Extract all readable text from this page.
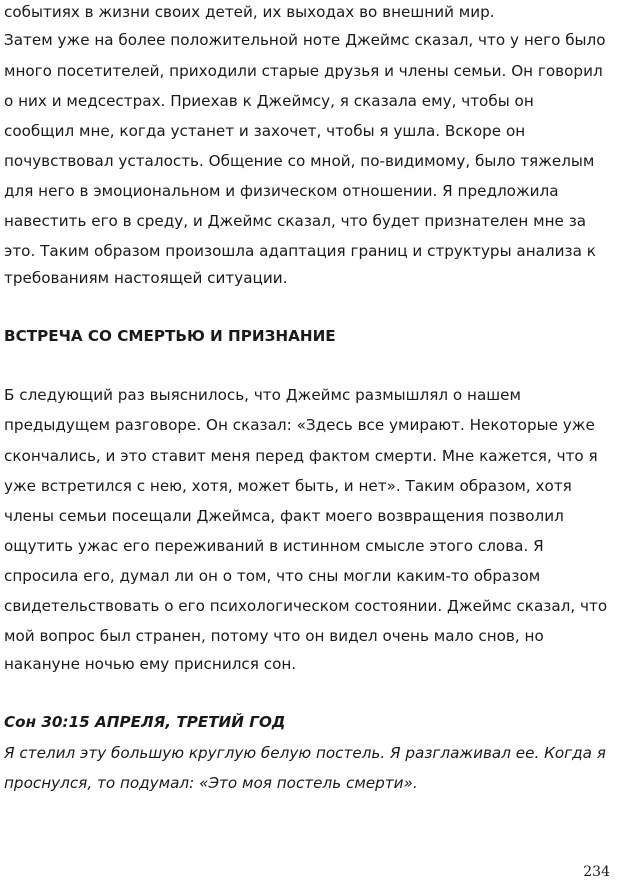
событиях в жизни своих детей, их выходах во внешний мир.
Затем уже на более положительной ноте Джеймс сказал, что у него было
много посетителей, приходили старые друзья и члены семьи. Он говорил
о них и медсестрах. Приехав к Джеймсу, я сказала ему, чтобы он
сообщил мне, когда устанет и захочет, чтобы я ушла. Вскоре он
почувствовал усталость. Общение со мной, по-видимому, было тяжелым
для него в эмоциональном и физическом отношении. Я предложила
навестить его в среду, и Джеймс сказал, что будет признателен мне за
это. Таким образом произошла адаптация границ и структуры анализа к
требованиям настоящей ситуации.
ВСТРЕЧА СО СМЕРТЬЮ И ПРИЗНАНИЕ
Б следующий раз выяснилось, что Джеймс размышлял о нашем
предыдущем разговоре. Он сказал: «Здесь все умирают. Некоторые уже
скончались, и это ставит меня перед фактом смерти. Мне кажется, что я
уже встретился с нею, хотя, может быть, и нет». Таким образом, хотя
члены семьи посещали Джеймса, факт моего возвращения позволил
ощутить ужас его переживаний в истинном смысле этого слова. Я
спросила его, думал ли он о том, что сны могли каким-то образом
свидетельствовать о его психологическом состоянии. Джеймс сказал, что
мой вопрос был странен, потому что он видел очень мало снов, но
накануне ночью ему приснился сон.
Сон 30:15 АПРЕЛЯ, ТРЕТИЙ ГОД
Я стелил эту большую круглую белую постель. Я разглаживал ее. Когда я
проснулся, то подумал: «Это моя постель смерти».
234
